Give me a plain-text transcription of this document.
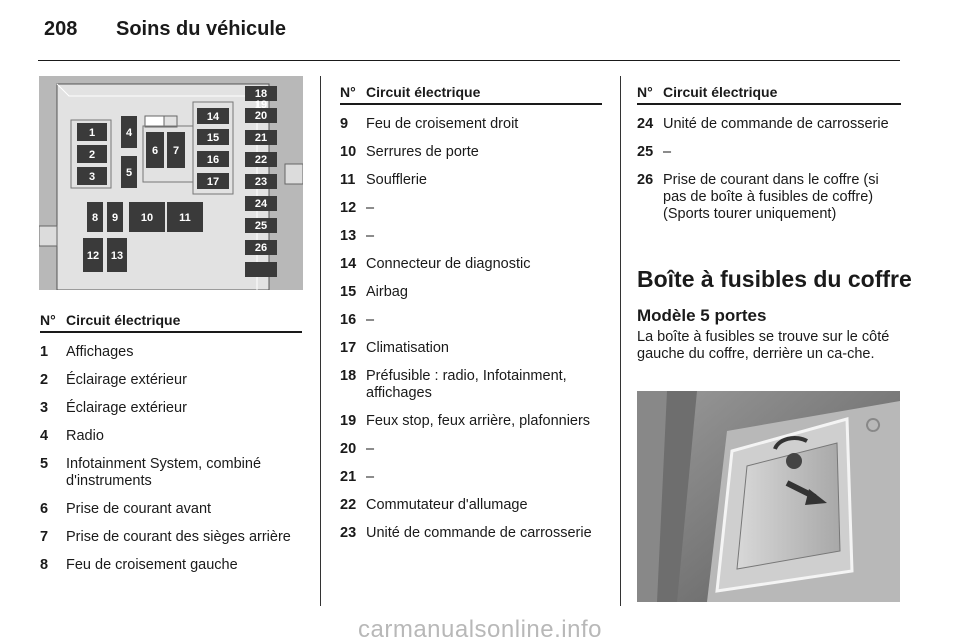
208 Soins du véhicule
1
2
3
4
5
6 7
8 9 10 11
12 13
14
15
16
17
18
19
20
21
22
23
24
25
26
N° Circuit électrique
1	Affichages
2	Éclairage extérieur
3	Éclairage extérieur
4	Radio
5	Infotainment System, combiné d'instruments
6	Prise de courant avant
7	Prise de courant des sièges arrière
8	Feu de croisement gauche
N° Circuit électrique
9	Feu de croisement droit
10 Serrures de porte
11 Soufflerie
12 –
13 –
14 Connecteur de diagnostic
15 Airbag
16 –
17 Climatisation
18 Préfusible : radio, Infotainment, affichages
19 Feux stop, feux arrière, plafonniers
20 –
21 –
22 Commutateur d'allumage
23 Unité de commande de carrosserie
N° Circuit électrique
24 Unité de commande de carrosserie
25 –
26 Prise de courant dans le coffre (si pas de boîte à fusibles de coffre) (Sports tourer uniquement)
Boîte à fusibles du coffre
Modèle 5 portes
La boîte à fusibles se trouve sur le côté gauche du coffre, derrière un ca-che.
carmanualsonline.info
